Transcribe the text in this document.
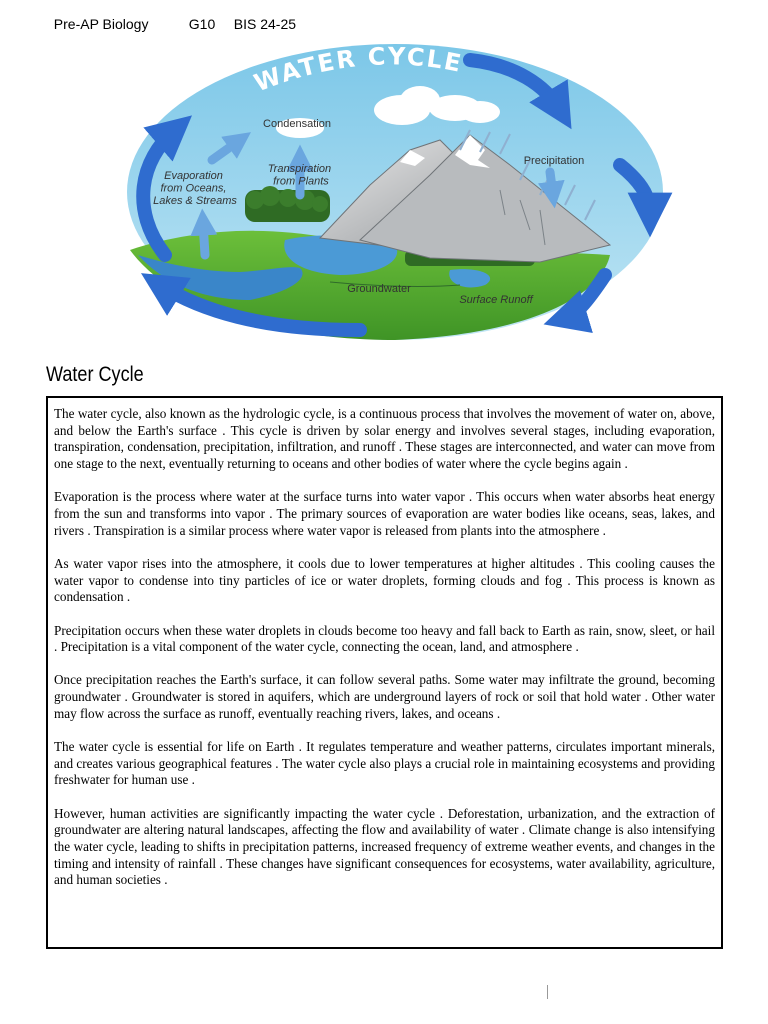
Pre-AP Biology	G10 BIS 24-25

WATER CYCLE
Condensation
Evaporation from Oceans, Lakes & Streams
Transpiration from Plants
Precipitation
Groundwater
Surface Runoff
Water Cycle

The water cycle, also known as the hydrologic cycle, is a continuous process that involves the movement of water on, above, and below the Earth's surface . This cycle is driven by solar energy and involves several stages, including evaporation, transpiration, condensation, precipitation, infiltration, and runoff . These stages are interconnected, and water can move from one stage to the next, eventually returning to oceans and other bodies of water where the cycle begins again .

Evaporation is the process where water at the surface turns into water vapor . This occurs when water absorbs heat energy from the sun and transforms into vapor . The primary sources of evaporation are water bodies like oceans, seas, lakes, and rivers . Transpiration is a similar process where water vapor is released from plants into the atmosphere .

As water vapor rises into the atmosphere, it cools due to lower temperatures at higher altitudes . This cooling causes the water vapor to condense into tiny particles of ice or water droplets, forming clouds and fog . This process is known as condensation .

Precipitation occurs when these water droplets in clouds become too heavy and fall back to Earth as rain, snow, sleet, or hail . Precipitation is a vital component of the water cycle, connecting the ocean, land, and atmosphere .

Once precipitation reaches the Earth's surface, it can follow several paths. Some water may infiltrate the ground, becoming groundwater . Groundwater is stored in aquifers, which are underground layers of rock or soil that hold water . Other water may flow across the surface as runoff, eventually reaching rivers, lakes, and oceans .

The water cycle is essential for life on Earth . It regulates temperature and weather patterns, circulates important minerals, and creates various geographical features . The water cycle also plays a crucial role in maintaining ecosystems and providing freshwater for human use .

However, human activities are significantly impacting the water cycle . Deforestation, urbanization, and the extraction of groundwater are altering natural landscapes, affecting the flow and availability of water . Climate change is also intensifying the water cycle, leading to shifts in precipitation patterns, increased frequency of extreme weather events, and changes in the timing and intensity of rainfall . These changes have significant consequences for ecosystems, water availability, agriculture, and human societies .
